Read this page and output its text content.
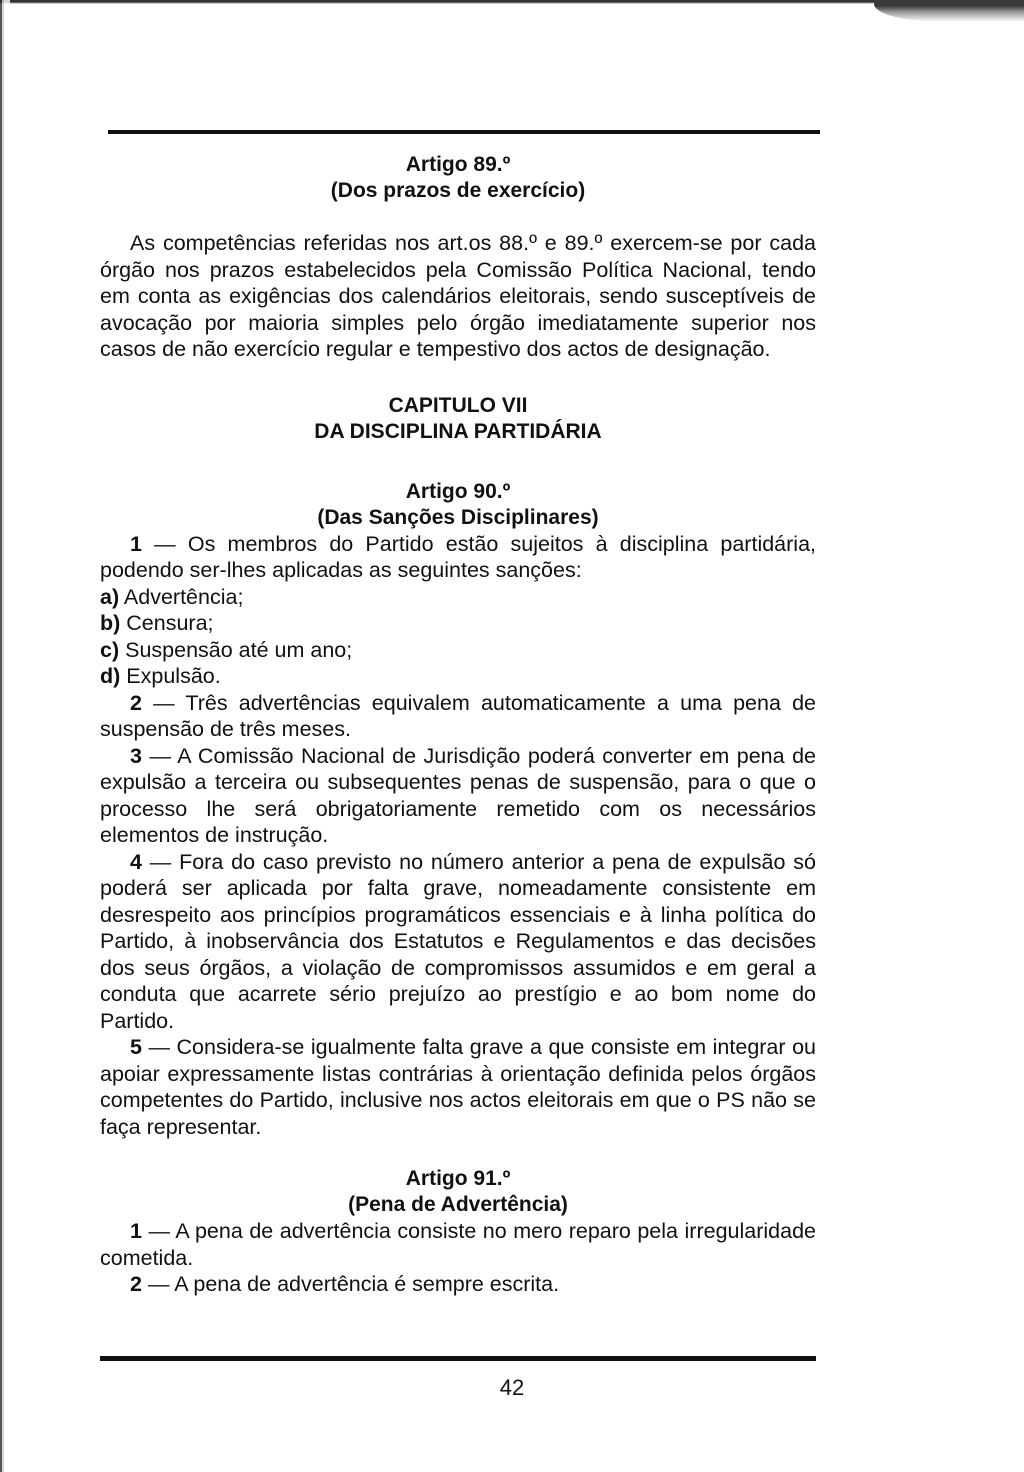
Artigo 89.º
(Dos prazos de exercício)

As competências referidas nos art.os 88.º e 89.º exercem-se por cada órgão nos prazos estabelecidos pela Comissão Política Nacional, tendo em conta as exigências dos calendários eleitorais, sendo susceptíveis de avocação por maioria simples pelo órgão imediatamente superior nos casos de não exercício regular e tempestivo dos actos de designação.

CAPITULO VII
DA DISCIPLINA PARTIDÁRIA
Artigo 90.º
(Das Sanções Disciplinares)

1 — Os membros do Partido estão sujeitos à disciplina partidária, podendo ser-lhes aplicadas as seguintes sanções:

a) Advertência;
b) Censura;
c) Suspensão até um ano;
d) Expulsão.

2 — Três advertências equivalem automaticamente a uma pena de suspensão de três meses.

3 — A Comissão Nacional de Jurisdição poderá converter em pena de expulsão a terceira ou subsequentes penas de suspensão, para o que o processo lhe será obrigatoriamente remetido com os necessários elementos de instrução.

4 — Fora do caso previsto no número anterior a pena de expulsão só poderá ser aplicada por falta grave, nomeadamente consistente em desrespeito aos princípios programáticos essenciais e à linha política do Partido, à inobservância dos Estatutos e Regulamentos e das decisões dos seus órgãos, a violação de compromissos assumidos e em geral a conduta que acarrete sério prejuízo ao prestígio e ao bom nome do Partido.

5 — Considera-se igualmente falta grave a que consiste em integrar ou apoiar expressamente listas contrárias à orientação definida pelos órgãos competentes do Partido, inclusive nos actos eleitorais em que o PS não se faça representar.

Artigo 91.º
(Pena de Advertência)

1 — A pena de advertência consiste no mero reparo pela irregularidade cometida.

2 — A pena de advertência é sempre escrita.

42
